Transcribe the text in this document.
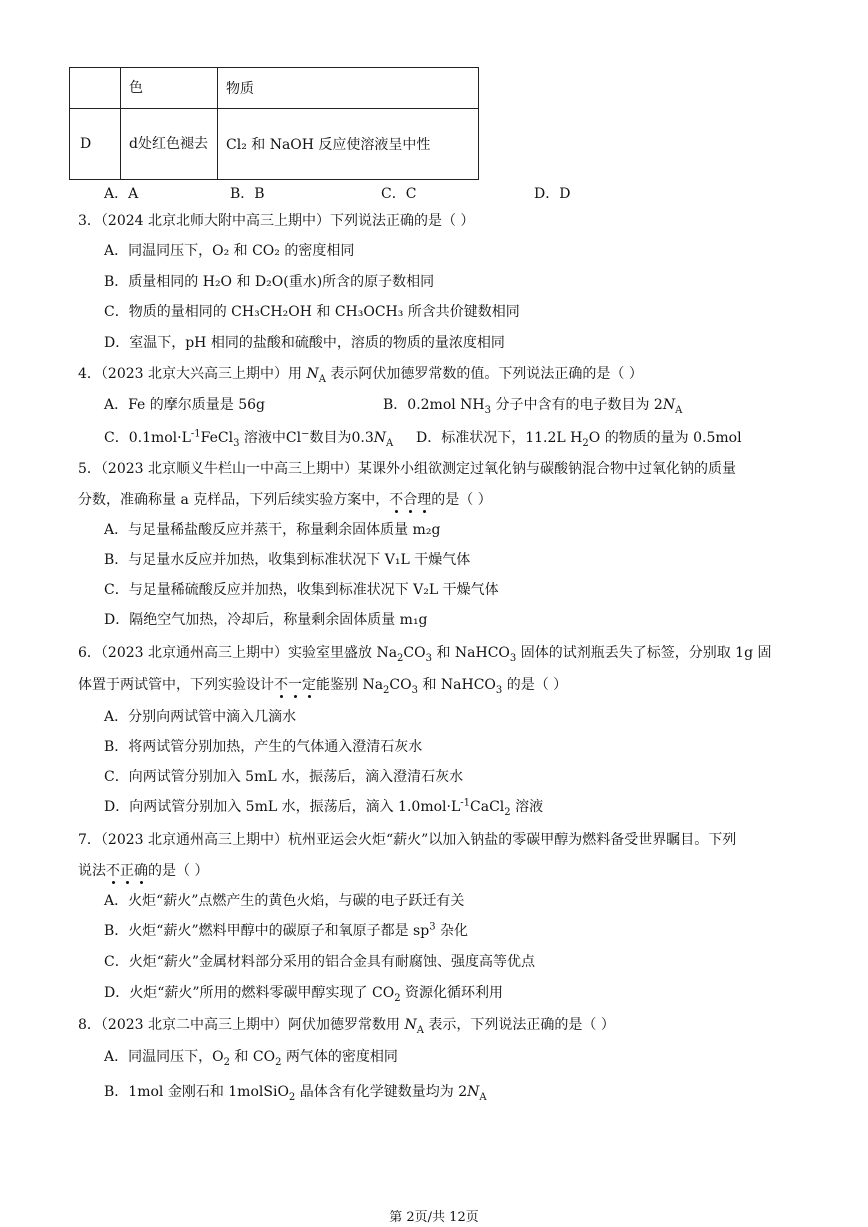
	色	物质
D	d处红色褪去	Cl₂ 和 NaOH 反应使溶液呈中性
A．A	B．B	C．C	D．D
3．（2024 北京北师大附中高三上期中）下列说法正确的是（ ）
A．同温同压下，O₂ 和 CO₂ 的密度相同
B．质量相同的 H₂O 和 D₂O(重水)所含的原子数相同
C．物质的量相同的 CH₃CH₂OH 和 CH₃OCH₃ 所含共价键数相同
D．室温下，pH 相同的盐酸和硫酸中，溶质的物质的量浓度相同
4．（2023 北京大兴高三上期中）用 $N_A$ 表示阿伏加德罗常数的值。下列说法正确的是（ ）
A．Fe 的摩尔质量是 56g	B．0.2mol $NH_3$ 分子中含有的电子数目为 $2N_A$
C．$0.1mol\cdot L^{-1}FeCl_3$ 溶液中Cl−数目为$0.3N_A$ D．标准状况下，11.2L $H_2O$ 的物质的量为 0.5mol
5．（2023 北京顺义牛栏山一中高三上期中）某课外小组欲测定过氧化钠与碳酸钠混合物中过氧化钠的质量
分数，准确称量 a 克样品，下列后续实验方案中，不合理的是（ ）
A．与足量稀盐酸反应并蒸干，称量剩余固体质量 m₂g
B．与足量水反应并加热，收集到标准状况下 V₁L 干燥气体
C．与足量稀硫酸反应并加热，收集到标准状况下 V₂L 干燥气体
D．隔绝空气加热，冷却后，称量剩余固体质量 m₁g
6．（2023 北京通州高三上期中）实验室里盛放 $Na_2CO_3$ 和 NaHCO$_3$ 固体的试剂瓶丢失了标签，分别取 1g 固
体置于两试管中，下列实验设计不一定能鉴别 $Na_2CO_3$ 和 NaHCO$_3$ 的是（ ）
A．分别向两试管中滴入几滴水
B．将两试管分别加热，产生的气体通入澄清石灰水
C．向两试管分别加入 5mL 水，振荡后，滴入澄清石灰水
D．向两试管分别加入 5mL 水，振荡后，滴入 $1.0mol\cdot L^{-1}CaCl_2$ 溶液
7．（2023 北京通州高三上期中）杭州亚运会火炬“薪火”以加入钠盐的零碳甲醇为燃料备受世界瞩目。下列
说法不正确的是（ ）
A．火炬“薪火”点燃产生的黄色火焰，与碳的电子跃迁有关
B．火炬“薪火”燃料甲醇中的碳原子和氧原子都是 $sp^3$ 杂化
C．火炬“薪火”金属材料部分采用的铝合金具有耐腐蚀、强度高等优点
D．火炬“薪火”所用的燃料零碳甲醇实现了 $CO_2$ 资源化循环利用
8．（2023 北京二中高三上期中）阿伏加德罗常数用 $N_A$ 表示，下列说法正确的是（ ）
A．同温同压下，$O_2$ 和 $CO_2$ 两气体的密度相同
B．1mol 金刚石和 1molSiO$_2$ 晶体含有化学键数量均为 $2N_A$
第 2页/共 12页
